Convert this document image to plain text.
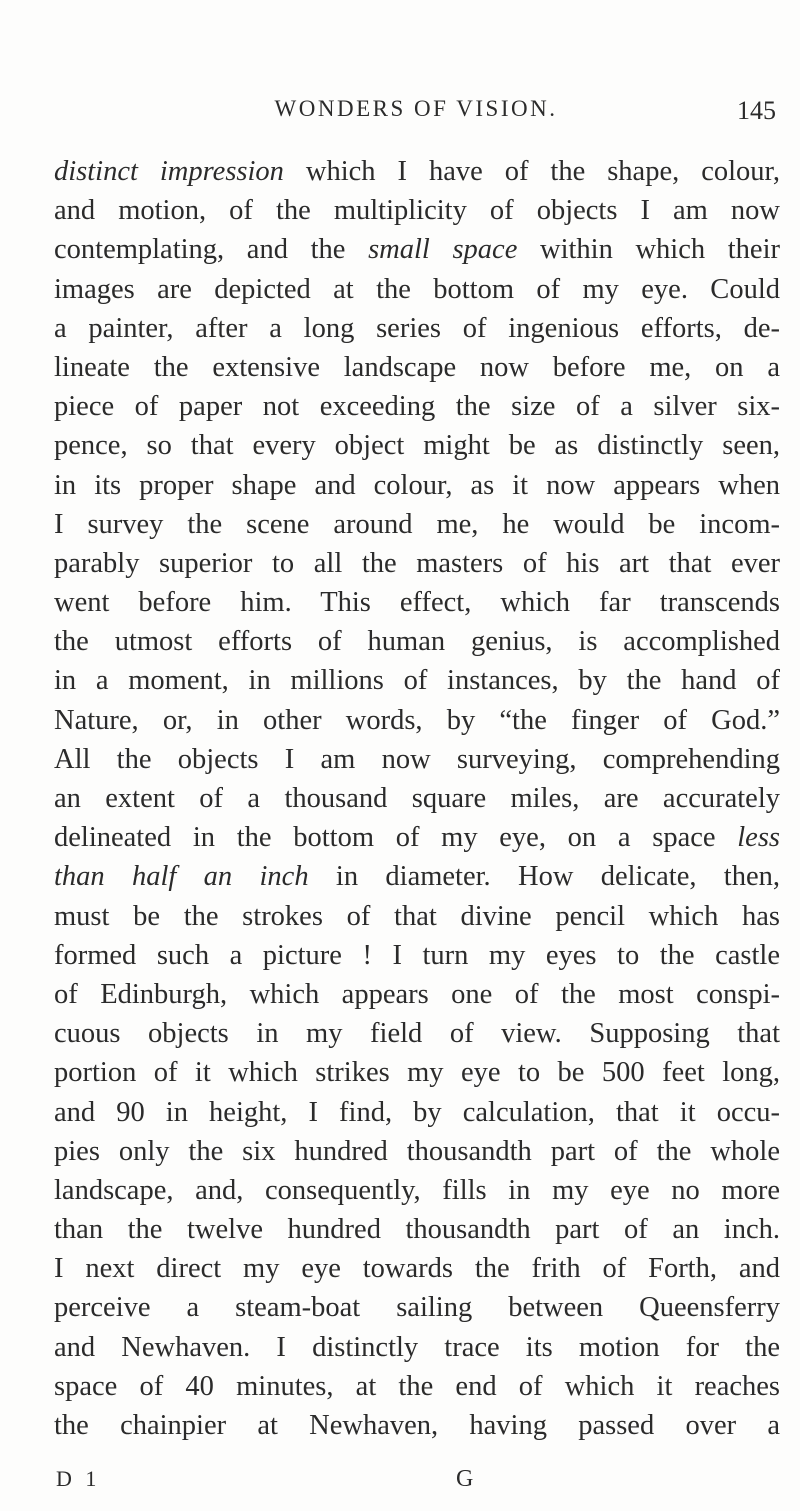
WONDERS OF VISION.	145
distinct impression which I have of the shape, colour,
and motion, of the multiplicity of objects I am now
contemplating, and the small space within which their
images are depicted at the bottom of my eye. Could
a painter, after a long series of ingenious efforts, de-
lineate the extensive landscape now before me, on a
piece of paper not exceeding the size of a silver six-
pence, so that every object might be as distinctly seen,
in its proper shape and colour, as it now appears when
I survey the scene around me, he would be incom-
parably superior to all the masters of his art that ever
went before him. This effect, which far transcends
the utmost efforts of human genius, is accomplished
in a moment, in millions of instances, by the hand of
Nature, or, in other words, by “the finger of God.”
All the objects I am now surveying, comprehending
an extent of a thousand square miles, are accurately
delineated in the bottom of my eye, on a space less
than half an inch in diameter. How delicate, then,
must be the strokes of that divine pencil which has
formed such a picture ! I turn my eyes to the castle
of Edinburgh, which appears one of the most conspi-
cuous objects in my field of view. Supposing that
portion of it which strikes my eye to be 500 feet long,
and 90 in height, I find, by calculation, that it occu-
pies only the six hundred thousandth part of the whole
landscape, and, consequently, fills in my eye no more
than the twelve hundred thousandth part of an inch.
I next direct my eye towards the frith of Forth, and
perceive a steam-boat sailing between Queensferry
and Newhaven. I distinctly trace its motion for the
space of 40 minutes, at the end of which it reaches
the chainpier at Newhaven, having passed over a
D 1	G
